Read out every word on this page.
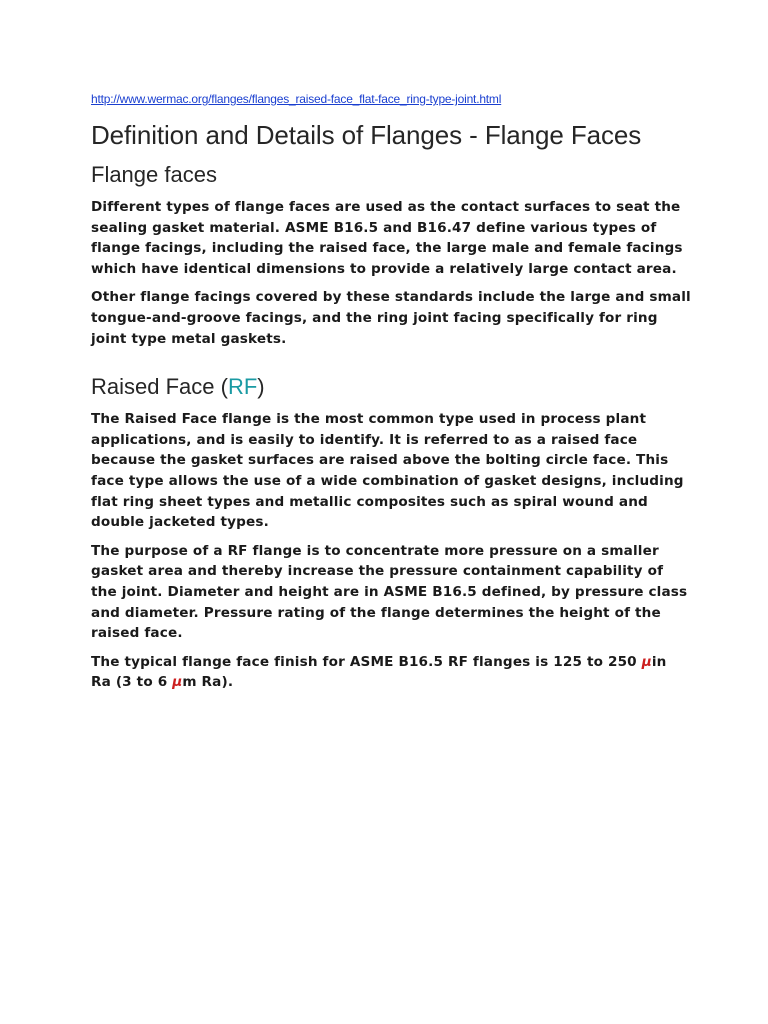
http://www.wermac.org/flanges/flanges_raised-face_flat-face_ring-type-joint.html
Definition and Details of Flanges - Flange Faces
Flange faces

Different types of flange faces are used as the contact surfaces to seat the sealing gasket material. ASME B16.5 and B16.47 define various types of flange facings, including the raised face, the large male and female facings which have identical dimensions to provide a relatively large contact area.

Other flange facings covered by these standards include the large and small tongue-and-groove facings, and the ring joint facing specifically for ring joint type metal gaskets.

Raised Face (RF)

The Raised Face flange is the most common type used in process plant applications, and is easily to identify. It is referred to as a raised face because the gasket surfaces are raised above the bolting circle face. This face type allows the use of a wide combination of gasket designs, including flat ring sheet types and metallic composites such as spiral wound and double jacketed types.

The purpose of a RF flange is to concentrate more pressure on a smaller gasket area and thereby increase the pressure containment capability of the joint. Diameter and height are in ASME B16.5 defined, by pressure class and diameter. Pressure rating of the flange determines the height of the raised face.

The typical flange face finish for ASME B16.5 RF flanges is 125 to 250 μin Ra (3 to 6 μm Ra).
